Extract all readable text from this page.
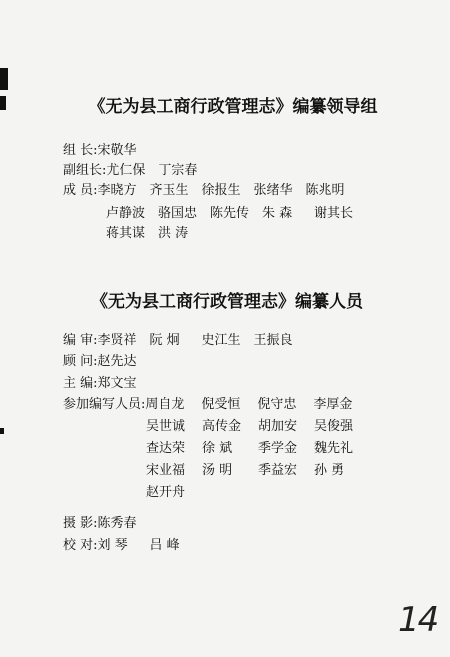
《无为县工商行政管理志》编纂领导组
组 长:宋敬华
副组长:尤仁保 丁宗春
成 员:李晓方 齐玉生 徐报生 张绪华 陈兆明
卢静波 骆国忠 陈先传 朱 森 谢其长
蒋其谋 洪 涛
《无为县工商行政管理志》编纂人员
编 审:李贤祥 阮 炯 史江生 王振良
顾 问:赵先达
主 编:郑文宝
参加编写人员:周自龙 倪受恒 倪守忠 李厚金
吴世诚 高传金 胡加安 吴俊强
查达荣 徐 斌 季学金 魏先礼
宋业福 汤 明 季益宏 孙 勇
赵开舟
摄 影:陈秀春
校 对:刘 琴 吕 峰
14
